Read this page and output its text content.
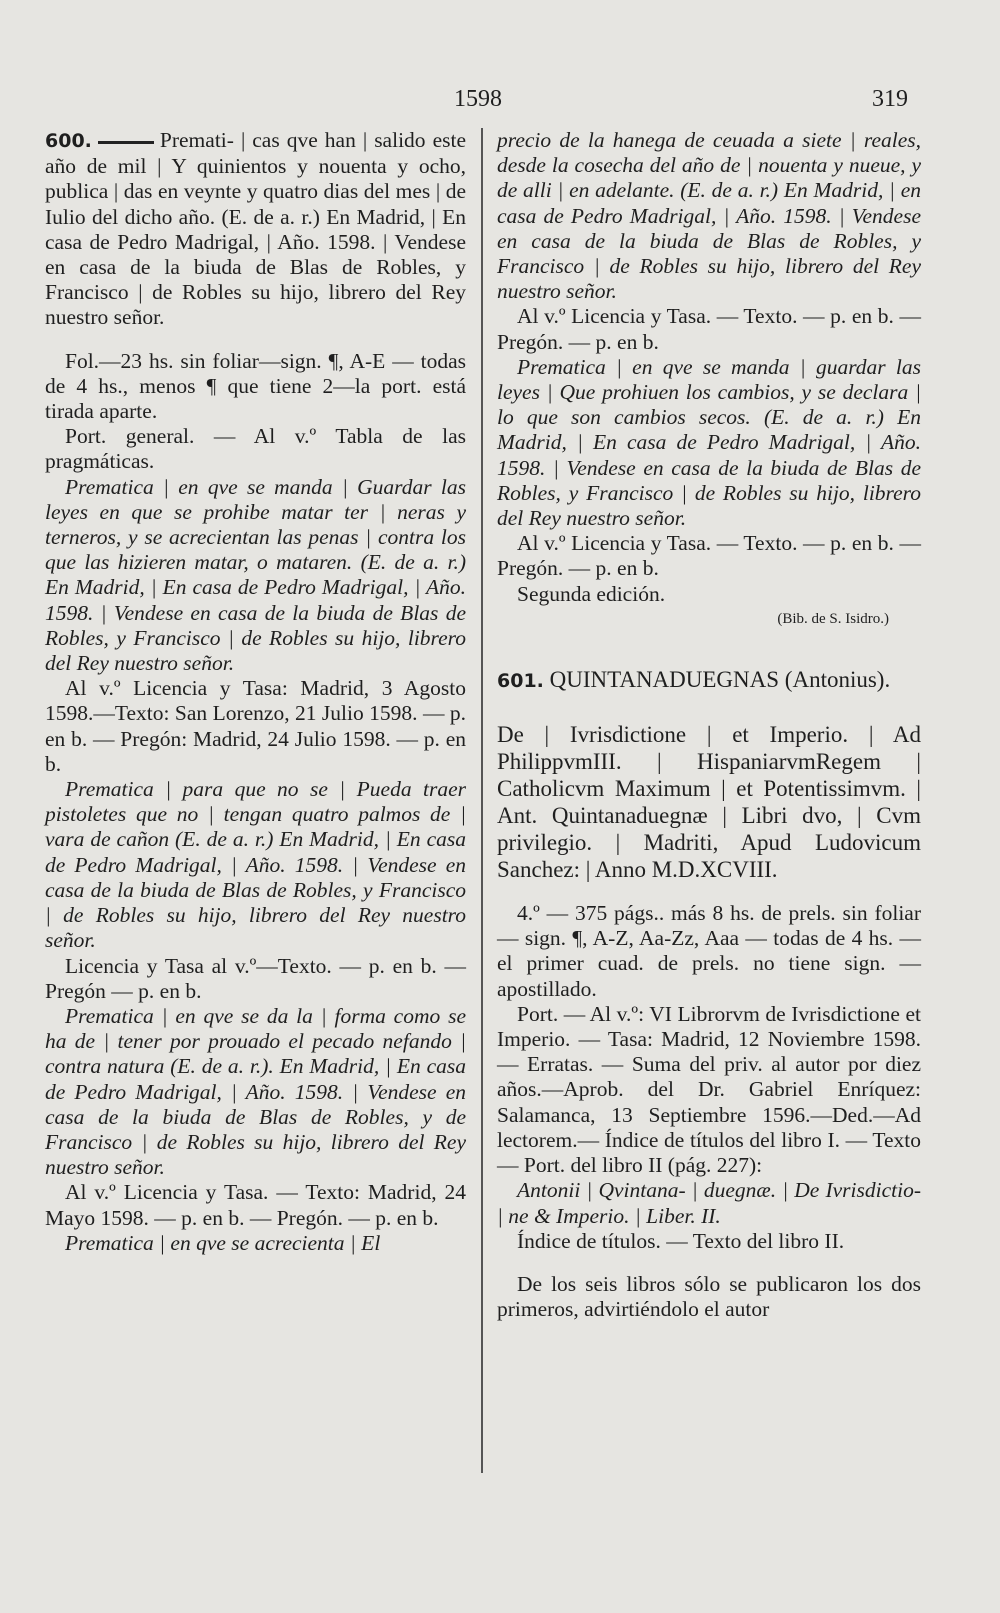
1598	319

600.	Premati- | cas qve han | salido este año de mil | Y quinientos y nouenta y ocho, publica | das en veynte y quatro dias del mes | de Iulio del dicho año. (E. de a. r.) En Madrid, | En casa de Pedro Madrigal, | Año. 1598. | Vendese en casa de la biuda de Blas de Robles, y Francisco | de Robles su hijo, librero del Rey nuestro señor.

Fol.—23 hs. sin foliar—sign. ¶, A-E — todas de 4 hs., menos ¶ que tiene 2—la port. está tirada aparte.

Port. general. — Al v.º Tabla de las pragmáticas.

Prematica | en qve se manda | Guardar las leyes en que se prohibe matar ter | neras y terneros, y se acrecientan las penas | contra los que las hizieren matar, o mataren. (E. de a. r.) En Madrid, | En casa de Pedro Madrigal, | Año. 1598. | Vendese en casa de la biuda de Blas de Robles, y Francisco | de Robles su hijo, librero del Rey nuestro señor.

Al v.º Licencia y Tasa: Madrid, 3 Agosto 1598.—Texto: San Lorenzo, 21 Julio 1598. — p. en b. — Pregón: Madrid, 24 Julio 1598. — p. en b.

Prematica | para que no se | Pueda traer pistoletes que no | tengan quatro palmos de | vara de cañon (E. de a. r.) En Madrid, | En casa de Pedro Madrigal, | Año. 1598. | Vendese en casa de la biuda de Blas de Robles, y Francisco | de Robles su hijo, librero del Rey nuestro señor.

Licencia y Tasa al v.º—Texto. — p. en b. — Pregón — p. en b.

Prematica | en qve se da la | forma como se ha de | tener por prouado el pecado nefando | contra natura (E. de a. r.). En Madrid, | En casa de Pedro Madrigal, | Año. 1598. | Vendese en casa de la biuda de Blas de Robles, y de Francisco | de Robles su hijo, librero del Rey nuestro señor.

Al v.º Licencia y Tasa. — Texto: Madrid, 24 Mayo 1598. — p. en b. — Pregón. — p. en b.

Prematica | en qve se acrecienta | El

precio de la hanega de ceuada a siete | reales, desde la cosecha del año de | nouenta y nueue, y de alli | en adelante. (E. de a. r.) En Madrid, | en casa de Pedro Madrigal, | Año. 1598. | Vendese en casa de la biuda de Blas de Robles, y Francisco | de Robles su hijo, librero del Rey nuestro señor.

Al v.º Licencia y Tasa. — Texto. — p. en b. — Pregón. — p. en b.

Prematica | en qve se manda | guardar las leyes | Que prohiuen los cambios, y se declara | lo que son cambios secos. (E. de a. r.) En Madrid, | En casa de Pedro Madrigal, | Año. 1598. | Vendese en casa de la biuda de Blas de Robles, y Francisco | de Robles su hijo, librero del Rey nuestro señor.

Al v.º Licencia y Tasa. — Texto. — p. en b. — Pregón. — p. en b.

Segunda edición.

(Bib. de S. Isidro.)

601. QUINTANADUEGNAS (Antonius).

De | Ivrisdictione | et Imperio. | Ad PhilippvmIII. | HispaniarvmRegem | Catholicvm Maximum | et Potentissimvm. | Ant. Quintanaduegnæ | Libri dvo, | Cvm privilegio. | Madriti, Apud Ludovicum Sanchez: | Anno M.D.XCVIII.

4.º — 375 págs.. más 8 hs. de prels. sin foliar — sign. ¶, A-Z, Aa-Zz, Aaa — todas de 4 hs. — el primer cuad. de prels. no tiene sign. — apostillado.

Port. — Al v.º: VI Librorvm de Ivrisdictione et Imperio. — Tasa: Madrid, 12 Noviembre 1598. — Erratas. — Suma del priv. al autor por diez años.—Aprob. del Dr. Gabriel Enríquez: Salamanca, 13 Septiembre 1596.—Ded.—Ad lectorem.— Índice de títulos del libro I. — Texto — Port. del libro II (pág. 227):

Antonii | Qvintana- | duegnæ. | De Ivrisdictio- | ne & Imperio. | Liber. II.

Índice de títulos. — Texto del libro II.

De los seis libros sólo se publicaron los dos primeros, advirtiéndolo el autor
